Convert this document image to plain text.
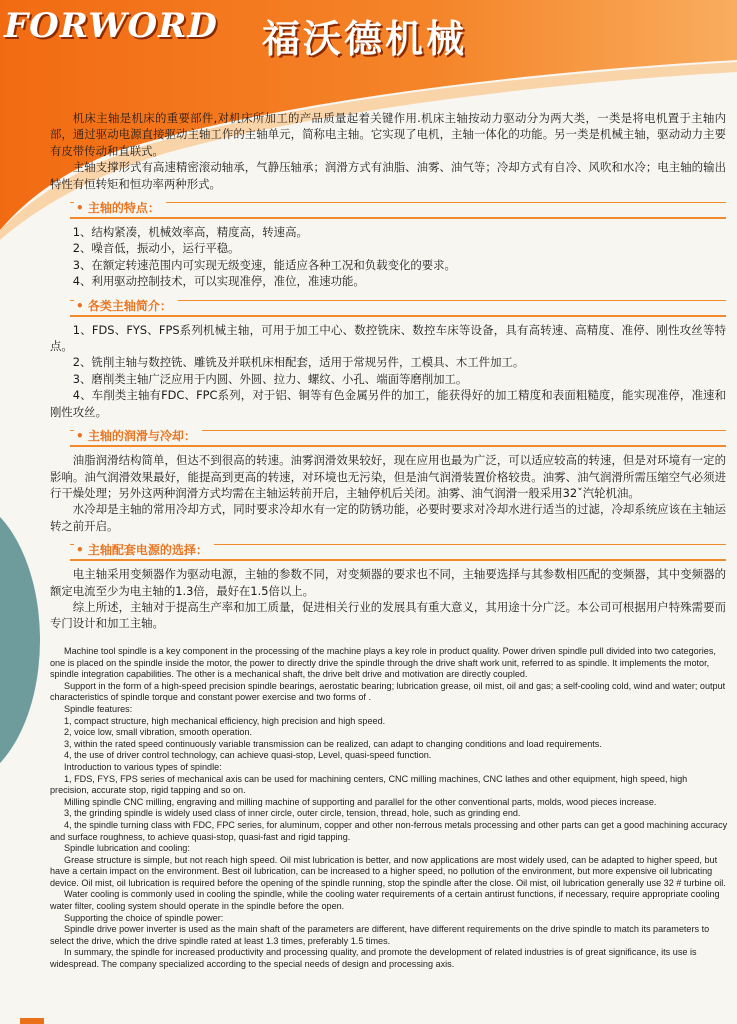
FORWORD 福沃德机械

机床主轴是机床的重要部件,对机床所加工的产品质量起着关键作用.机床主轴按动力驱动分为两大类，一类是将电机置于主轴内部，通过驱动电源直接驱动主轴工作的主轴单元，简称电主轴。它实现了电机，主轴一体化的功能。另一类是机械主轴，驱动动力主要有皮带传动和直联式。

主轴支撑形式有高速精密滚动轴承，气静压轴承；润滑方式有油脂、油雾、油气等；冷却方式有自冷、风吹和水冷；电主轴的输出特性有恒转矩和恒功率两种形式。

• 主轴的特点：

1、结构紧凑，机械效率高，精度高，转速高。

2、噪音低，振动小，运行平稳。

3、在额定转速范围内可实现无级变速，能适应各种工况和负载变化的要求。

4、利用驱动控制技术，可以实现准停，准位，准速功能。

• 各类主轴简介：

1、FDS、FYS、FPS系列机械主轴，可用于加工中心、数控铣床、数控车床等设备，具有高转速、高精度、准停、刚性攻丝等特点。

2、铣削主轴与数控铣、雕铣及并联机床相配套，适用于常规另件，工模具、木工件加工。

3、磨削类主轴广泛应用于内圆、外圆、拉力、螺纹、小孔、端面等磨削加工。

4、车削类主轴有FDC、FPC系列，对于铝、铜等有色金属另件的加工，能获得好的加工精度和表面粗糙度，能实现准停，准速和刚性攻丝。

• 主轴的润滑与冷却：

油脂润滑结构简单，但达不到很高的转速。油雾润滑效果较好，现在应用也最为广泛，可以适应较高的转速，但是对环境有一定的影响。油气润滑效果最好，能提高到更高的转速，对环境也无污染，但是油气润滑装置价格较贵。油雾、油气润滑所需压缩空气必须进行干燥处理；另外这两种润滑方式均需在主轴运转前开启，主轴停机后关闭。油雾、油气润滑一般采用32ˇ汽轮机油。

水冷却是主轴的常用冷却方式，同时要求冷却水有一定的防锈功能，必要时要求对冷却水进行适当的过滤，冷却系统应该在主轴运转之前开启。

• 主轴配套电源的选择：

电主轴采用变频器作为驱动电源，主轴的参数不同，对变频器的要求也不同，主轴要选择与其参数相匹配的变频器，其中变频器的额定电流至少为电主轴的1.3倍，最好在1.5倍以上。

综上所述，主轴对于提高生产率和加工质量，促进相关行业的发展具有重大意义，其用途十分广泛。本公司可根据用户特殊需要而专门设计和加工主轴。

Machine tool spindle is a key component in the processing of the machine plays a key role in product quality. Power driven spindle pull divided into two categories, one is placed on the spindle inside the motor, the power to directly drive the spindle through the drive shaft work unit, referred to as spindle. It implements the motor, spindle integration capabilities. The other is a mechanical shaft, the drive belt drive and motivation are directly coupled.

Support in the form of a high-speed precision spindle bearings, aerostatic bearing; lubrication grease, oil mist, oil and gas; a self-cooling cold, wind and water; output characteristics of spindle torque and constant power exercise and two forms of .

Spindle features:

1, compact structure, high mechanical efficiency, high precision and high speed.

2, voice low, small vibration, smooth operation.

3, within the rated speed continuously variable transmission can be realized, can adapt to changing conditions and load requirements.

4, the use of driver control technology, can achieve quasi-stop, Level, quasi-speed function.

Introduction to various types of spindle:

1, FDS, FYS, FPS series of mechanical axis can be used for machining centers, CNC milling machines, CNC lathes and other equipment, high speed, high precision, accurate stop, rigid tapping and so on.

Milling spindle CNC milling, engraving and milling machine of supporting and parallel for the other conventional parts, molds, wood pieces increase.

3, the grinding spindle is widely used class of inner circle, outer circle, tension, thread, hole, such as grinding end.

4, the spindle turning class with FDC, FPC series, for aluminum, copper and other non-ferrous metals processing and other parts can get a good machining accuracy and surface roughness, to achieve quasi-stop, quasi-fast and rigid tapping.

Spindle lubrication and cooling:

Grease structure is simple, but not reach high speed. Oil mist lubrication is better, and now applications are most widely used, can be adapted to higher speed, but have a certain impact on the environment. Best oil lubrication, can be increased to a higher speed, no pollution of the environment, but more expensive oil lubricating device. Oil mist, oil lubrication is required before the opening of the spindle running, stop the spindle after the close. Oil mist, oil lubrication generally use 32 # turbine oil.

Water cooling is commonly used in cooling the spindle, while the cooling water requirements of a certain antirust functions, if necessary, require appropriate cooling water filter, cooling system should operate in the spindle before the open.

Supporting the choice of spindle power:

Spindle drive power inverter is used as the main shaft of the parameters are different, have different requirements on the drive spindle to match its parameters to select the drive, which the drive spindle rated at least 1.3 times, preferably 1.5 times.

In summary, the spindle for increased productivity and processing quality, and promote the development of related industries is of great significance, its use is widespread. The company specialized according to the special needs of design and processing axis.
